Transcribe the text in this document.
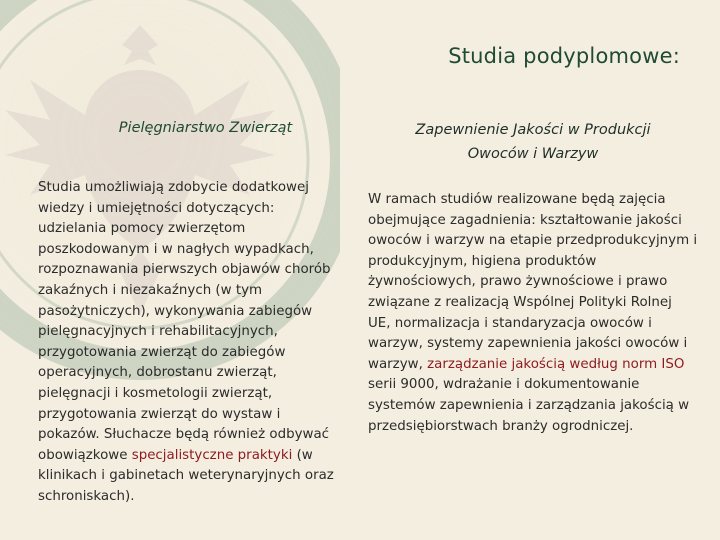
Studia podyplomowe:
Pielęgniarstwo Zwierząt
Studia umożliwiają zdobycie dodatkowej wiedzy i umiejętności dotyczących: udzielania pomocy zwierzętom poszkodowanym i w nagłych wypadkach, rozpoznawania pierwszych objawów chorób zakaźnych i niezakaźnych (w tym pasożytniczych), wykonywania zabiegów pielęgnacyjnych i rehabilitacyjnych, przygotowania zwierząt do zabiegów operacyjnych, dobrostanu zwierząt, pielęgnacji i kosmetologii zwierząt, przygotowania zwierząt do wystaw i pokazów. Słuchacze będą również odbywać obowiązkowe specjalistyczne praktyki (w klinikach i gabinetach weterynaryjnych oraz schroniskach).
Zapewnienie Jakości w Produkcji
Owoców i Warzyw
W ramach studiów realizowane będą zajęcia obejmujące zagadnienia: kształtowanie jakości owoców i warzyw na etapie przedprodukcyjnym i produkcyjnym, higiena produktów żywnościowych, prawo żywnościowe i prawo związane z realizacją Wspólnej Polityki Rolnej UE, normalizacja i standaryzacja owoców i warzyw, systemy zapewnienia jakości owoców i warzyw, zarządzanie jakością według norm ISO serii 9000, wdrażanie i dokumentowanie systemów zapewnienia i zarządzania jakością w przedsiębiorstwach branży ogrodniczej.
